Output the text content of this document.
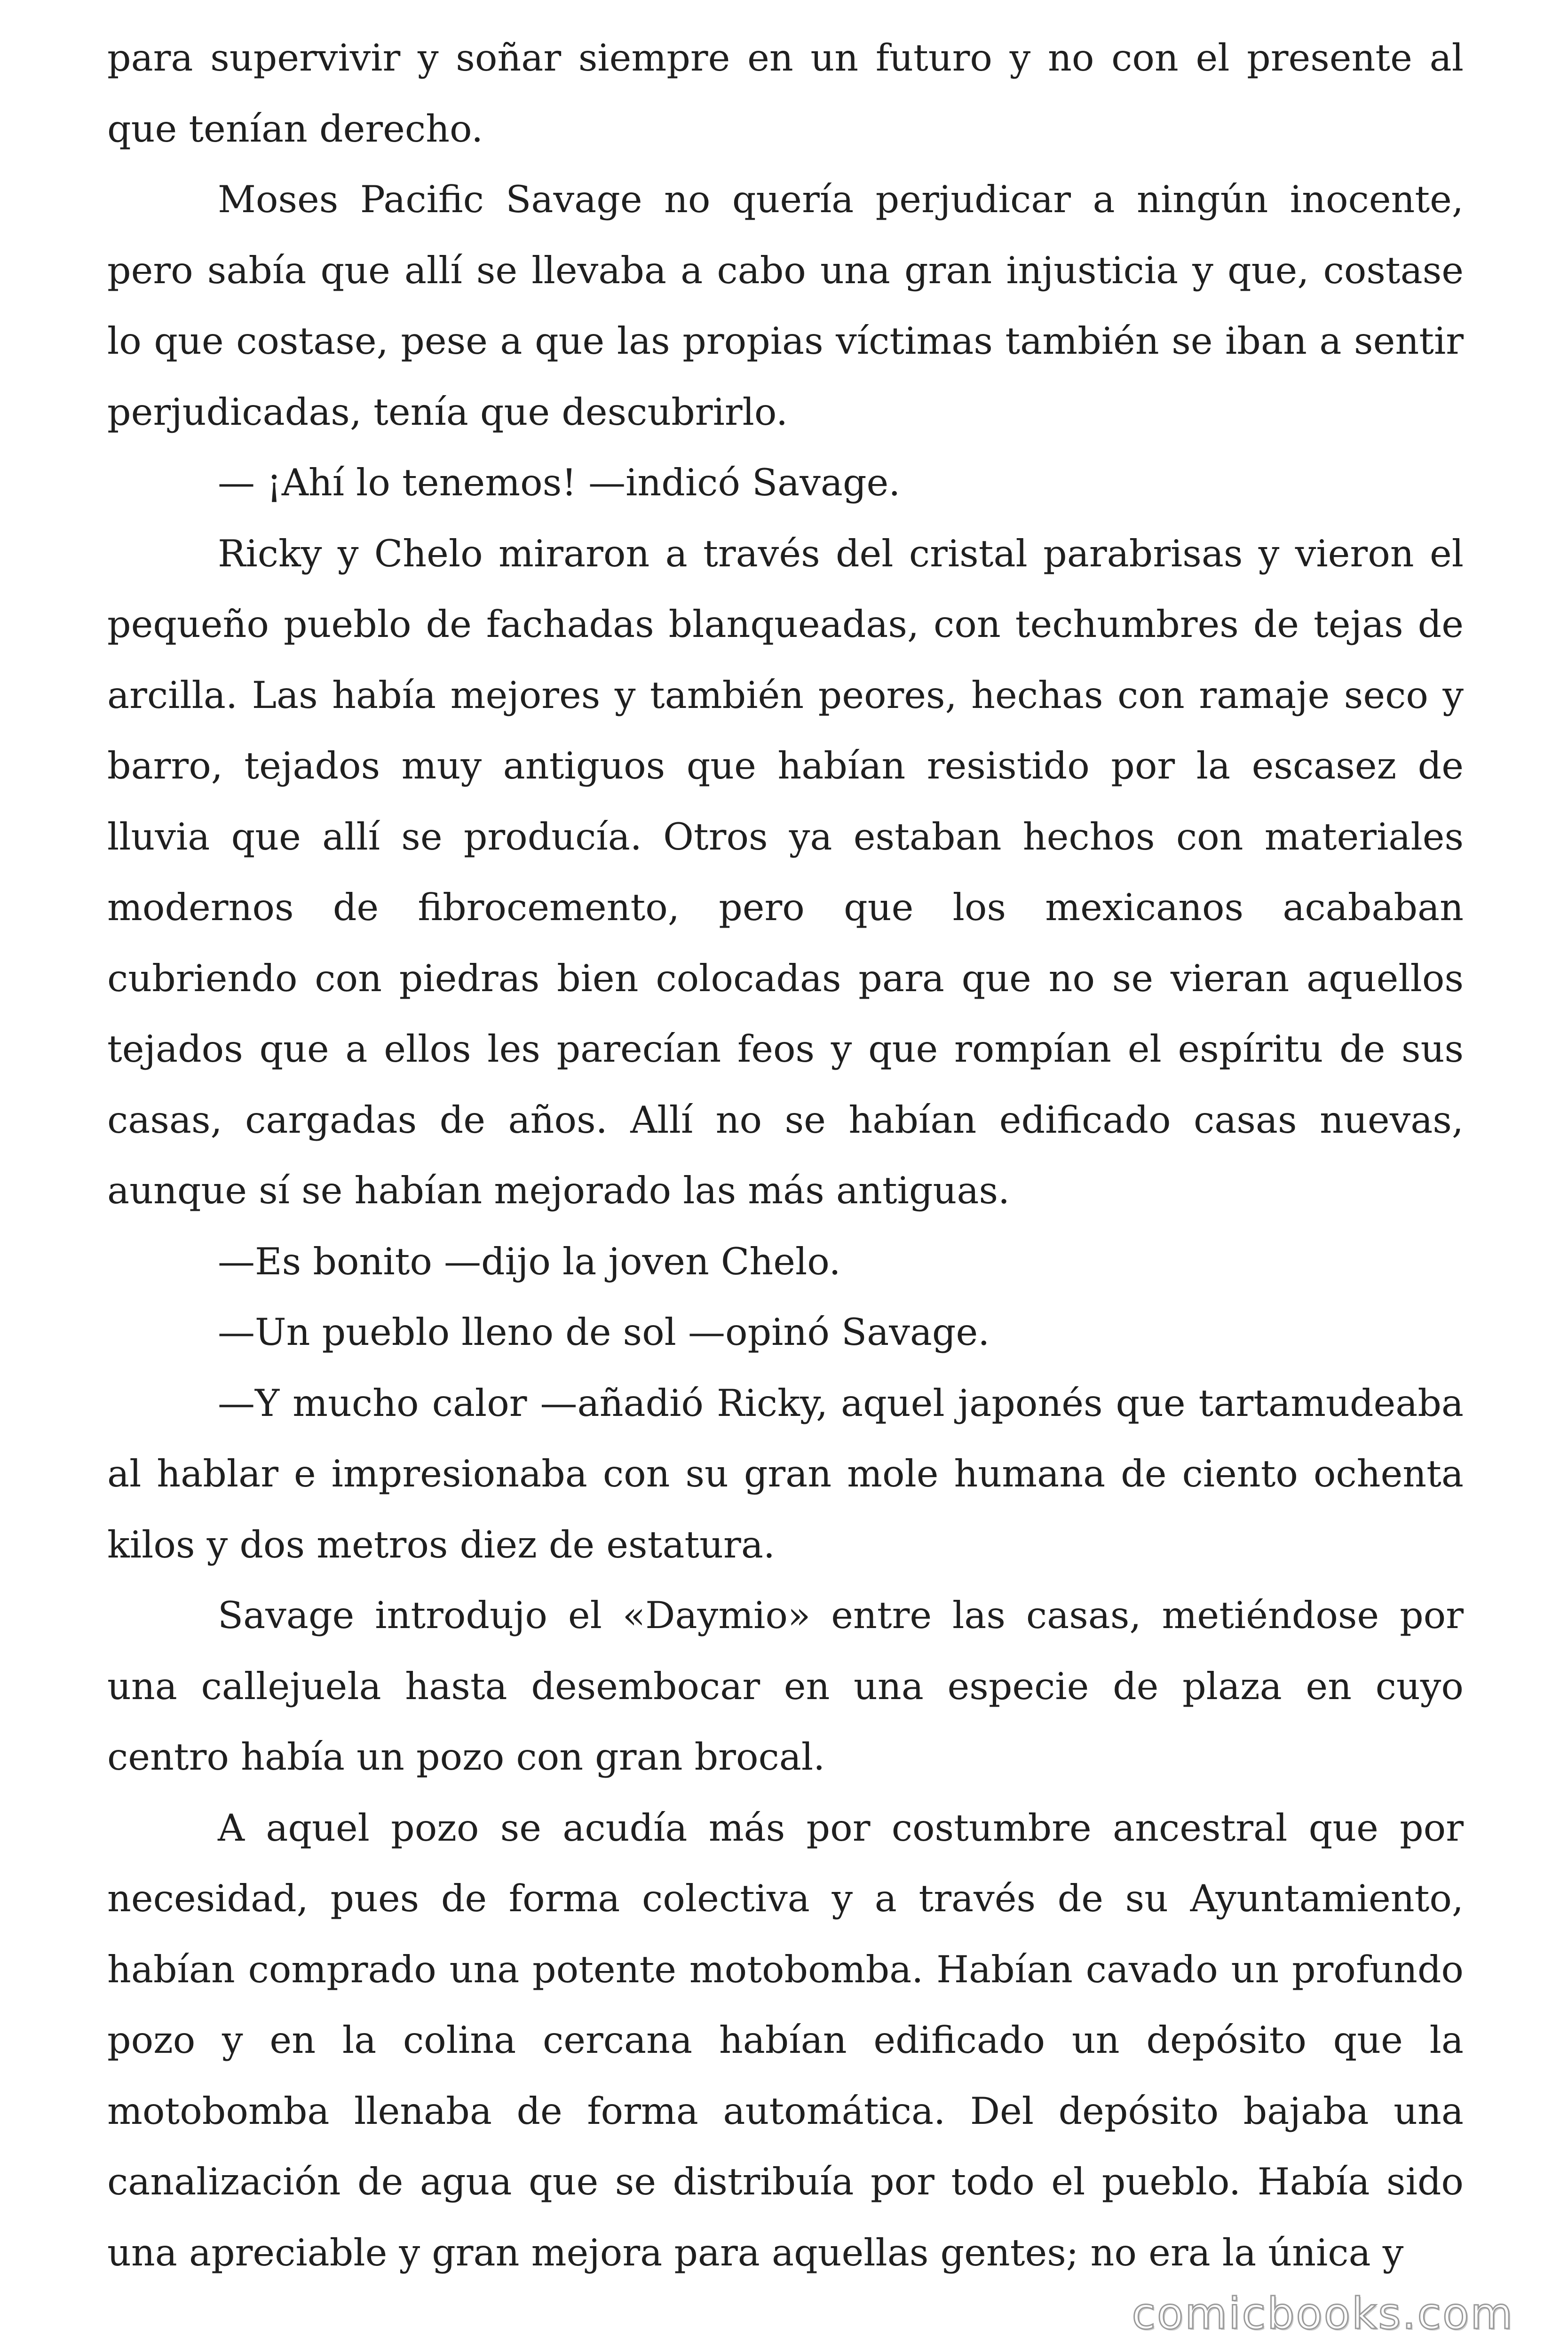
para supervivir y soñar siempre en un futuro y no con el presente al que tenían derecho.

Moses Pacific Savage no quería perjudicar a ningún inocente, pero sabía que allí se llevaba a cabo una gran injusticia y que, costase lo que costase, pese a que las propias víctimas también se iban a sentir perjudicadas, tenía que descubrirlo.

— ¡Ahí lo tenemos! —indicó Savage.

Ricky y Chelo miraron a través del cristal parabrisas y vieron el pequeño pueblo de fachadas blanqueadas, con techumbres de tejas de arcilla. Las había mejores y también peores, hechas con ramaje seco y barro, tejados muy antiguos que habían resistido por la escasez de lluvia que allí se producía. Otros ya estaban hechos con materiales modernos de fibrocemento, pero que los mexicanos acababan cubriendo con piedras bien colocadas para que no se vieran aquellos tejados que a ellos les parecían feos y que rompían el espíritu de sus casas, cargadas de años. Allí no se habían edificado casas nuevas, aunque sí se habían mejorado las más antiguas.

—Es bonito —dijo la joven Chelo.

—Un pueblo lleno de sol —opinó Savage.

—Y mucho calor —añadió Ricky, aquel japonés que tartamudeaba al hablar e impresionaba con su gran mole humana de ciento ochenta kilos y dos metros diez de estatura.

Savage introdujo el «Daymio» entre las casas, metiéndose por una callejuela hasta desembocar en una especie de plaza en cuyo centro había un pozo con gran brocal.

A aquel pozo se acudía más por costumbre ancestral que por necesidad, pues de forma colectiva y a través de su Ayuntamiento, habían comprado una potente motobomba. Habían cavado un profundo pozo y en la colina cercana habían edificado un depósito que la motobomba llenaba de forma automática. Del depósito bajaba una canalización de agua que se distribuía por todo el pueblo. Había sido una apreciable y gran mejora para aquellas gentes; no era la única y

comicbooks.com
